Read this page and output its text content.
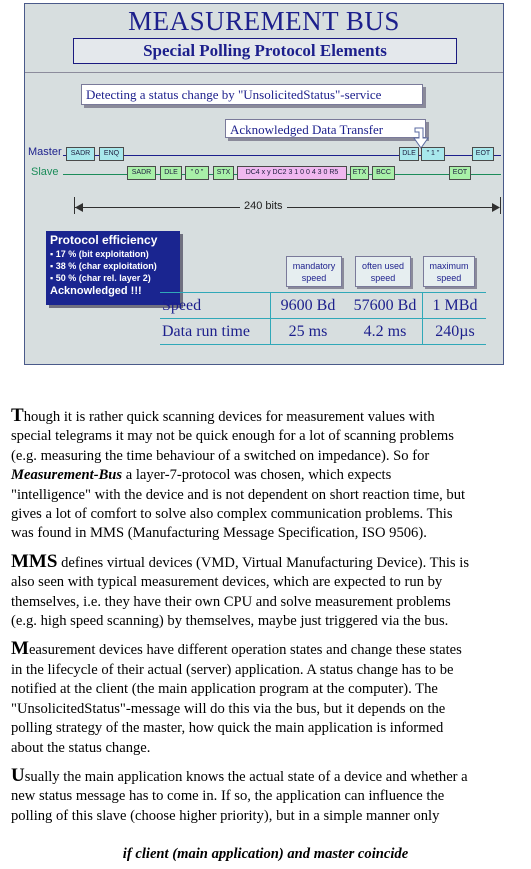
MEASUREMENT BUS
Special Polling Protocol Elements
Detecting a status change by "UnsolicitedStatus"-service
Acknowledged Data Transfer
Master
Slave
SADR	ENQ	DLE	" 1 "	EOT
SADR	DLE	" 0 "	STX	DC4 x y DC2 3 1 0 0 4 3 0 R5	ETX	BCC	EOT
240 bits
Protocol efficiency
▪ 17 % (bit exploitation)
▪ 38 % (char exploitation)
▪ 50 % (char rel. layer 2)
Acknowledged !!!
mandatory speed
often used speed
maximum speed
Speed	9600 Bd	57600 Bd	1 MBd
Data run time	25 ms	4.2 ms	240µs

Though it is rather quick scanning devices for measurement values with
special telegrams it may not be quick enough for a lot of scanning problems
(e.g. measuring the time behaviour of a switched on impedance). So for
Measurement-Bus a layer-7-protocol was chosen, which expects
"intelligence" with the device and is not dependent on short reaction time, but
gives a lot of comfort to solve also complex communication problems. This
was found in MMS (Manufacturing Message Specification, ISO 9506).

MMS defines virtual devices (VMD, Virtual Manufacturing Device). This is
also seen with typical measurement devices, which are expected to run by
themselves, i.e. they have their own CPU and solve measurement problems
(e.g. high speed scanning) by themselves, maybe just triggered via the bus.

Measurement devices have different operation states and change these states
in the lifecycle of their actual (server) application. A status change has to be
notified at the client (the main application program at the computer). The
"UnsolicitedStatus"-message will do this via the bus, but it depends on the
polling strategy of the master, how quick the main application is informed
about the status change.

Usually the main application knows the actual state of a device and whether a
new status message has to come in. If so, the application can influence the
polling of this slave (choose higher priority), but in a simple manner only

if client (main application) and master coincide
